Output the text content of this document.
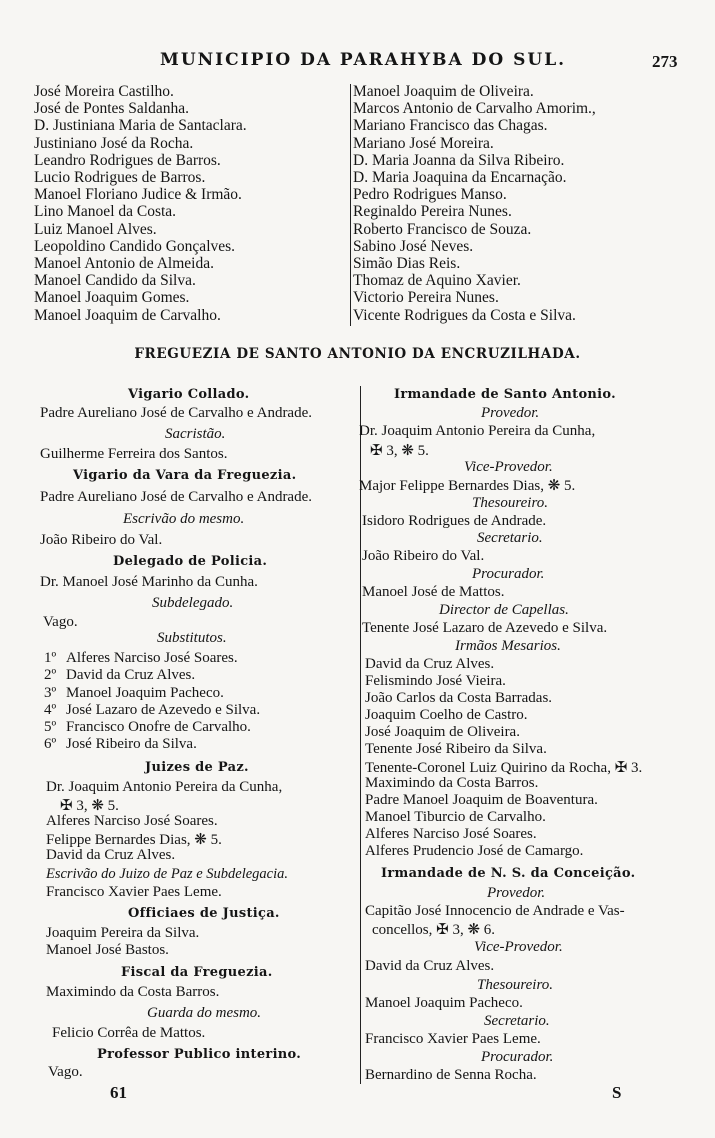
MUNICIPIO DA PARAHYBA DO SUL.	273
José Moreira Castilho.
José de Pontes Saldanha.
D. Justiniana Maria de Santaclara.
Justiniano José da Rocha.
Leandro Rodrigues de Barros.
Lucio Rodrigues de Barros.
Manoel Floriano Judice & Irmão.
Lino Manoel da Costa.
Luiz Manoel Alves.
Leopoldino Candido Gonçalves.
Manoel Antonio de Almeida.
Manoel Candido da Silva.
Manoel Joaquim Gomes.
Manoel Joaquim de Carvalho.
Manoel Joaquim de Oliveira.
Marcos Antonio de Carvalho Amorim.,
Mariano Francisco das Chagas.
Mariano José Moreira.
D. Maria Joanna da Silva Ribeiro.
D. Maria Joaquina da Encarnação.
Pedro Rodrigues Manso.
Reginaldo Pereira Nunes.
Roberto Francisco de Souza.
Sabino José Neves.
Simão Dias Reis.
Thomaz de Aquino Xavier.
Victorio Pereira Nunes.
Vicente Rodrigues da Costa e Silva.
FREGUEZIA DE SANTO ANTONIO DA ENCRUZILHADA.
Vigario Collado.
Padre Aureliano José de Carvalho e Andrade.
Sacristão.
Guilherme Ferreira dos Santos.
Vigario da Vara da Freguezia.
Padre Aureliano José de Carvalho e Andrade.
Escrivão do mesmo.
João Ribeiro do Val.
Delegado de Policia.
Dr. Manoel José Marinho da Cunha.
Subdelegado.
Vago.
Substitutos.
1º Alferes Narciso José Soares.
2º David da Cruz Alves.
3º Manoel Joaquim Pacheco.
4º José Lazaro de Azevedo e Silva.
5º Francisco Onofre de Carvalho.
6º José Ribeiro da Silva.
Juizes de Paz.
Dr. Joaquim Antonio Pereira da Cunha,
✠ 3, ❋ 5.
Alferes Narciso José Soares.
Felippe Bernardes Dias, ❋ 5.
David da Cruz Alves.
Escrivão do Juizo de Paz e Subdelegacia.
Francisco Xavier Paes Leme.
Officiaes de Justiça.
Joaquim Pereira da Silva.
Manoel José Bastos.
Fiscal da Freguezia.
Maximindo da Costa Barros.
Guarda do mesmo.
Felicio Corrêa de Mattos.
Professor Publico interino.
Vago.
Irmandade de Santo Antonio.
Provedor.
Dr. Joaquim Antonio Pereira da Cunha,
✠ 3, ❋ 5.
Vice-Provedor.
Major Felippe Bernardes Dias, ❋ 5.
Thesoureiro.
Isidoro Rodrigues de Andrade.
Secretario.
João Ribeiro do Val.
Procurador.
Manoel José de Mattos.
Director de Capellas.
Tenente José Lazaro de Azevedo e Silva.
Irmãos Mesarios.
David da Cruz Alves.
Felismindo José Vieira.
João Carlos da Costa Barradas.
Joaquim Coelho de Castro.
José Joaquim de Oliveira.
Tenente José Ribeiro da Silva.
Tenente-Coronel Luiz Quirino da Rocha, ✠ 3.
Maximindo da Costa Barros.
Padre Manoel Joaquim de Boaventura.
Manoel Tiburcio de Carvalho.
Alferes Narciso José Soares.
Alferes Prudencio José de Camargo.
Irmandade de N. S. da Conceição.
Provedor.
Capitão José Innocencio de Andrade e Vas-
concellos, ✠ 3, ❋ 6.
Vice-Provedor.
David da Cruz Alves.
Thesoureiro.
Manoel Joaquim Pacheco.
Secretario.
Francisco Xavier Paes Leme.
Procurador.
Bernardino de Senna Rocha.
61	S
